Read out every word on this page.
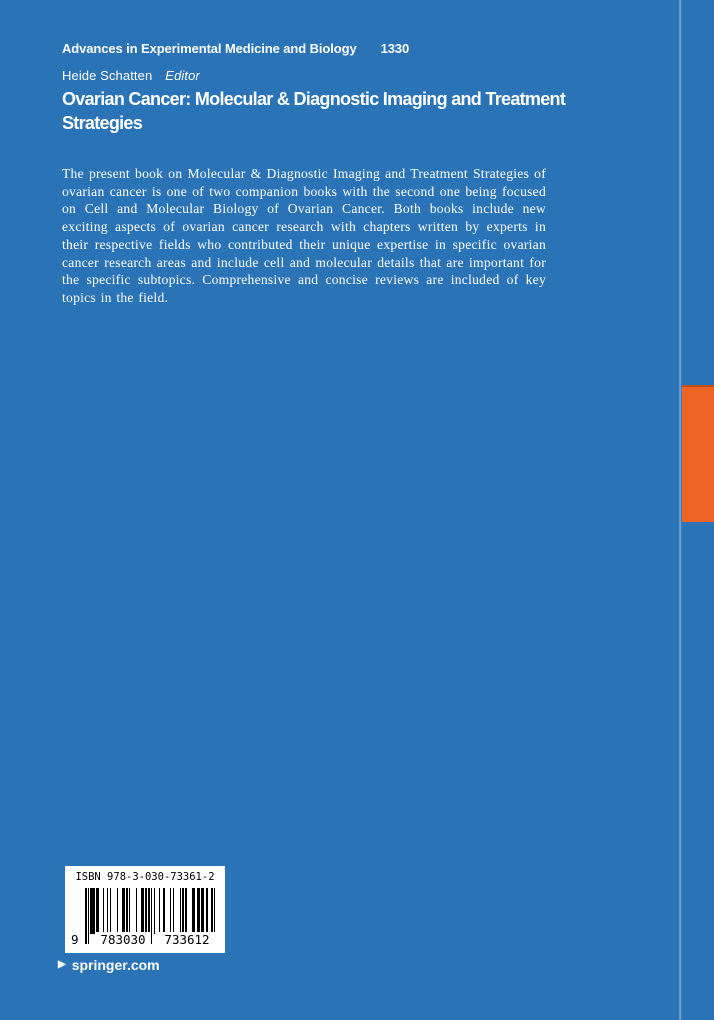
Advances in Experimental Medicine and Biology 1330
Heide Schatten Editor
Ovarian Cancer: Molecular & Diagnostic Imaging and Treatment Strategies

The present book on Molecular & Diagnostic Imaging and Treatment Strategies of ovarian cancer is one of two companion books with the second one being focused on Cell and Molecular Biology of Ovarian Cancer. Both books include new exciting aspects of ovarian cancer research with chapters written by experts in their respective fields who contributed their unique expertise in specific ovarian cancer research areas and include cell and molecular details that are important for the specific subtopics. Comprehensive and concise reviews are included of key topics in the field.

ISBN 978-3-030-73361-2
9	783030	733612
▶ springer.com
